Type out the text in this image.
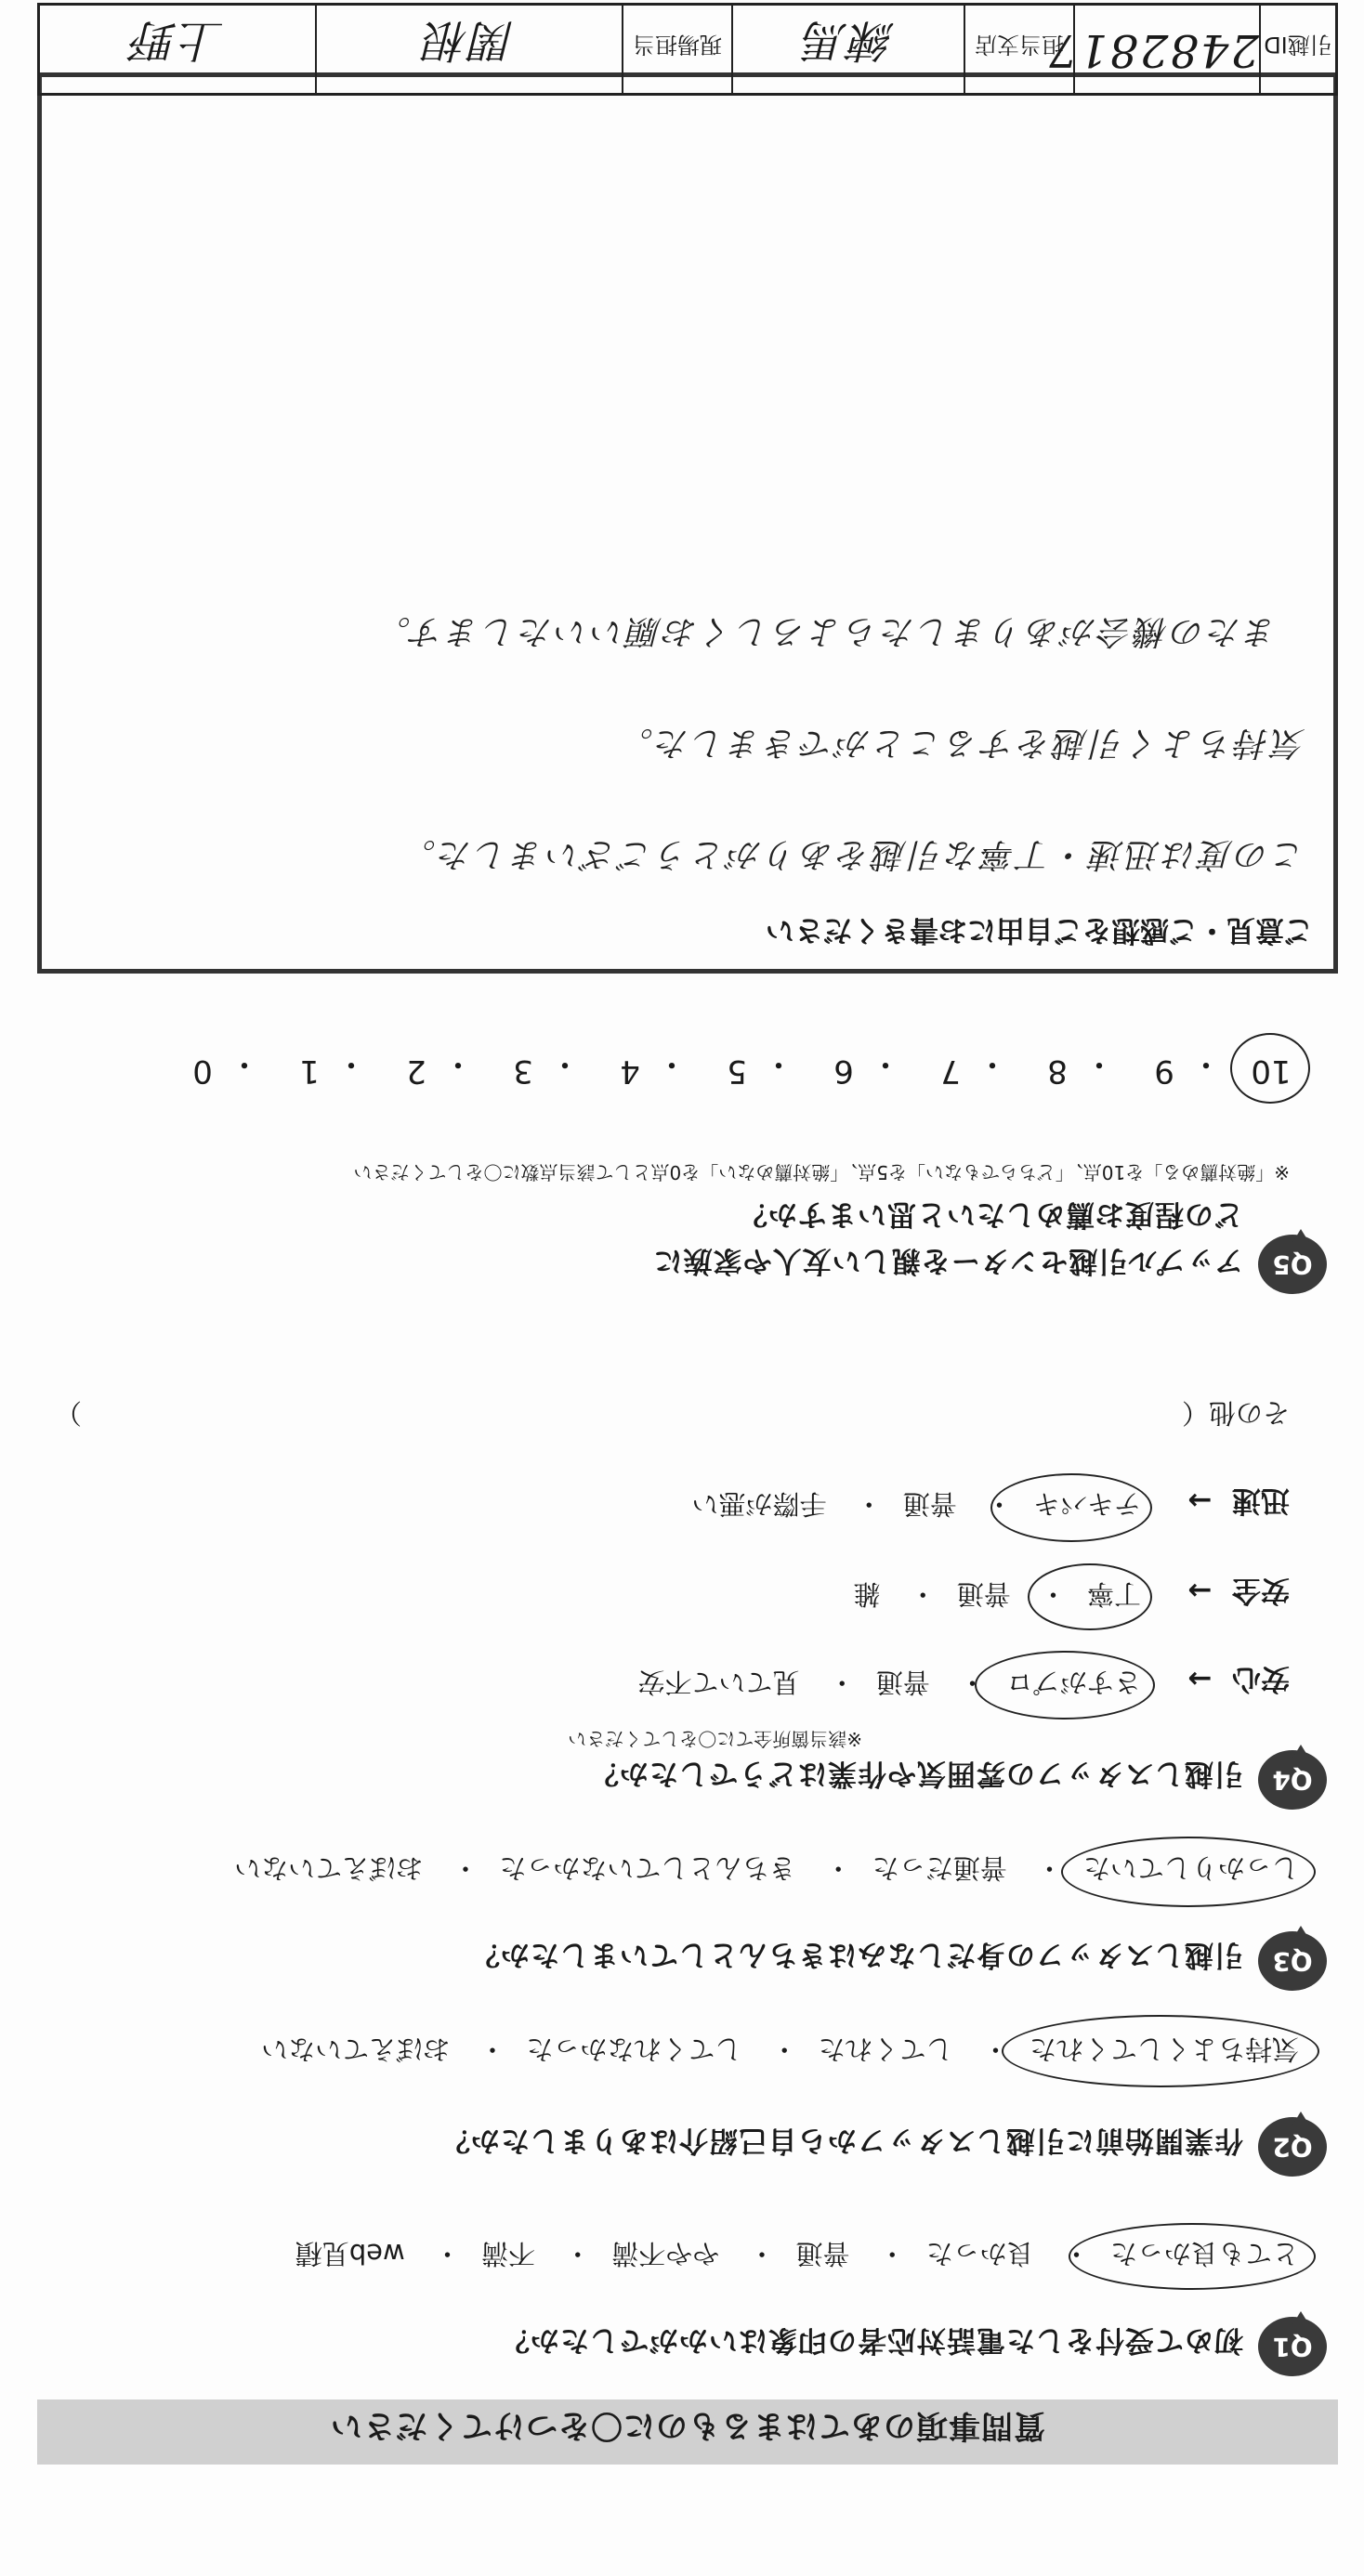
質問事項のあてはまるものに〇をつけてください
Q1
初めて受付をした電話対応者の印象はいかがでしたか？
とても良かった・ 良かった・ 普通・ やや不満・ 不満・ web見積
Q2
作業開始前に引越しスタッフから自己紹介はありましたか？
気持ちよくしてくれた・ してくれた・ してくれなかった・ おぼえていない
Q3
引越しスタッフの身だしなみはきちんとしていましたか？
しっかりしていた・ 普通だった・ きちんとしていなかった・ おぼえていない
Q4
引越しスタッフの雰囲気や作業はどうでしたか？
※該当箇所全てに〇をしてください
安心  →
さすがプロ・ 普通・ 見ていて不安
安全  →
丁寧・ 普通・ 雑
迅速  →
テキパキ・ 普通・ 手際が悪い
その他（
）
Q5
アップル引越センターを親しい友人や家族に
どの程度お薦めしたいと思いますか？
※「絶対薦める」を10点、「どちらでもない」を5点、「絶対薦めない」を0点として該当点数に〇をしてください
10
・
9
・
8
・
7
・
6
・
5
・
4
・
3
・
2
・
1
・
0
ご意見・ご感想をご自由にお書きください
この度は迅速・丁寧な引越をありがとうございました。
気持ちよく引越をすることができました。
またの機会がありましたらよろしくお願いいたします。
引越ID
2482817
担当支店
練馬
現場担当
関根
上野
